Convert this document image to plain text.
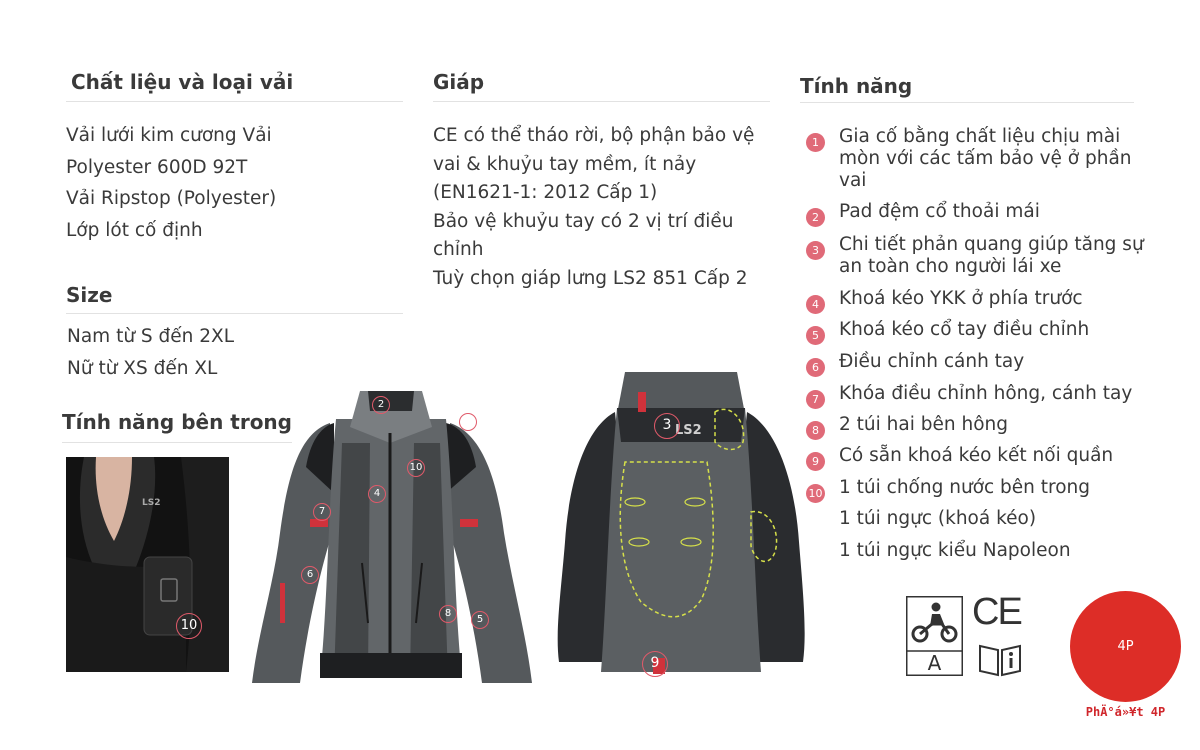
Chất liệu và loại vải
Vải lưới kim cương Vải
Polyester 600D 92T
Vải Ripstop (Polyester)
Lớp lót cố định
Size
Nam từ S đến 2XL
Nữ từ XS đến XL
Tính năng bên trong
LS2
10
Giáp

CE có thể tháo rời, bộ phận bảo vệ

vai & khuỷu tay mềm, ít nảy

(EN1621-1: 2012 Cấp 1)

Bảo vệ khuỷu tay có 2 vị trí điều

chỉnh

Tuỳ chọn giáp lưng LS2 851 Cấp 2

Tính năng
1	Gia cố bằng chất liệu chịu mài mòn với các tấm bảo vệ ở phần vai
2	Pad đệm cổ thoải mái
3	Chi tiết phản quang giúp tăng sự an toàn cho người lái xe
4	Khoá kéo YKK ở phía trước
5	Khoá kéo cổ tay điều chỉnh
6	Điều chỉnh cánh tay
7	Khóa điều chỉnh hông, cánh tay
8	2 túi hai bên hông
9	Có sẵn khoá kéo kết nối quần
10 1 túi chống nước bên trong
1 túi ngực (khoá kéo)
1 túi ngực kiểu Napoleon
2
1
10
4
7
6
8
5
LS2
3
9	A
CE
4P
PhÄ°á»¥t 4P
